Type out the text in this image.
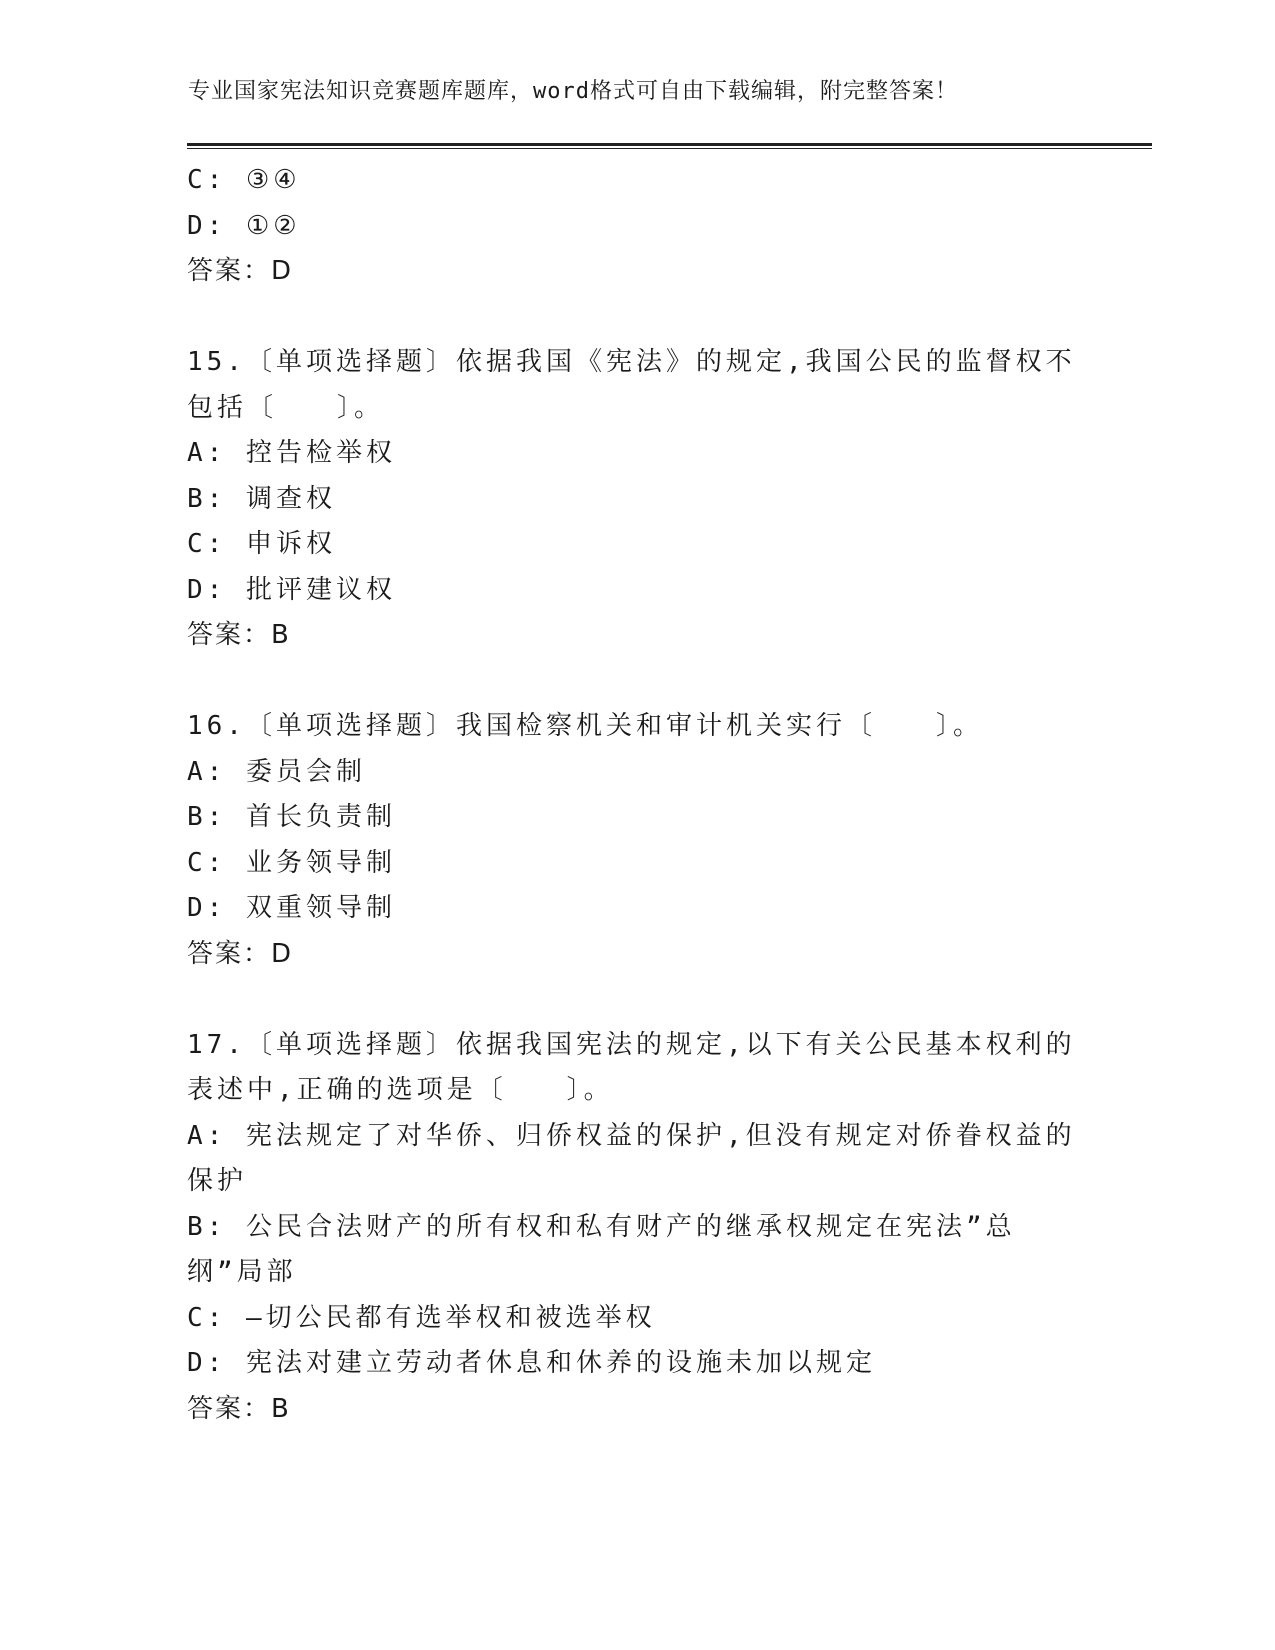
专业国家宪法知识竞赛题库题库，word格式可自由下载编辑，附完整答案！
C: ③④
D: ①②
答案：D
15.〔单项选择题〕依据我国《宪法》的规定,我国公民的监督权不包括〔　　〕。
A: 控告检举权
B: 调查权
C: 申诉权
D: 批评建议权
答案：B
16.〔单项选择题〕我国检察机关和审计机关实行〔　　〕。
A: 委员会制
B: 首长负责制
C: 业务领导制
D: 双重领导制
答案：D
17.〔单项选择题〕依据我国宪法的规定,以下有关公民基本权利的表述中,正确的选项是〔　　〕。
A: 宪法规定了对华侨、归侨权益的保护,但没有规定对侨眷权益的保护
B: 公民合法财产的所有权和私有财产的继承权规定在宪法”总纲”局部
C: —切公民都有选举权和被选举权
D: 宪法对建立劳动者休息和休养的设施未加以规定
答案：B
